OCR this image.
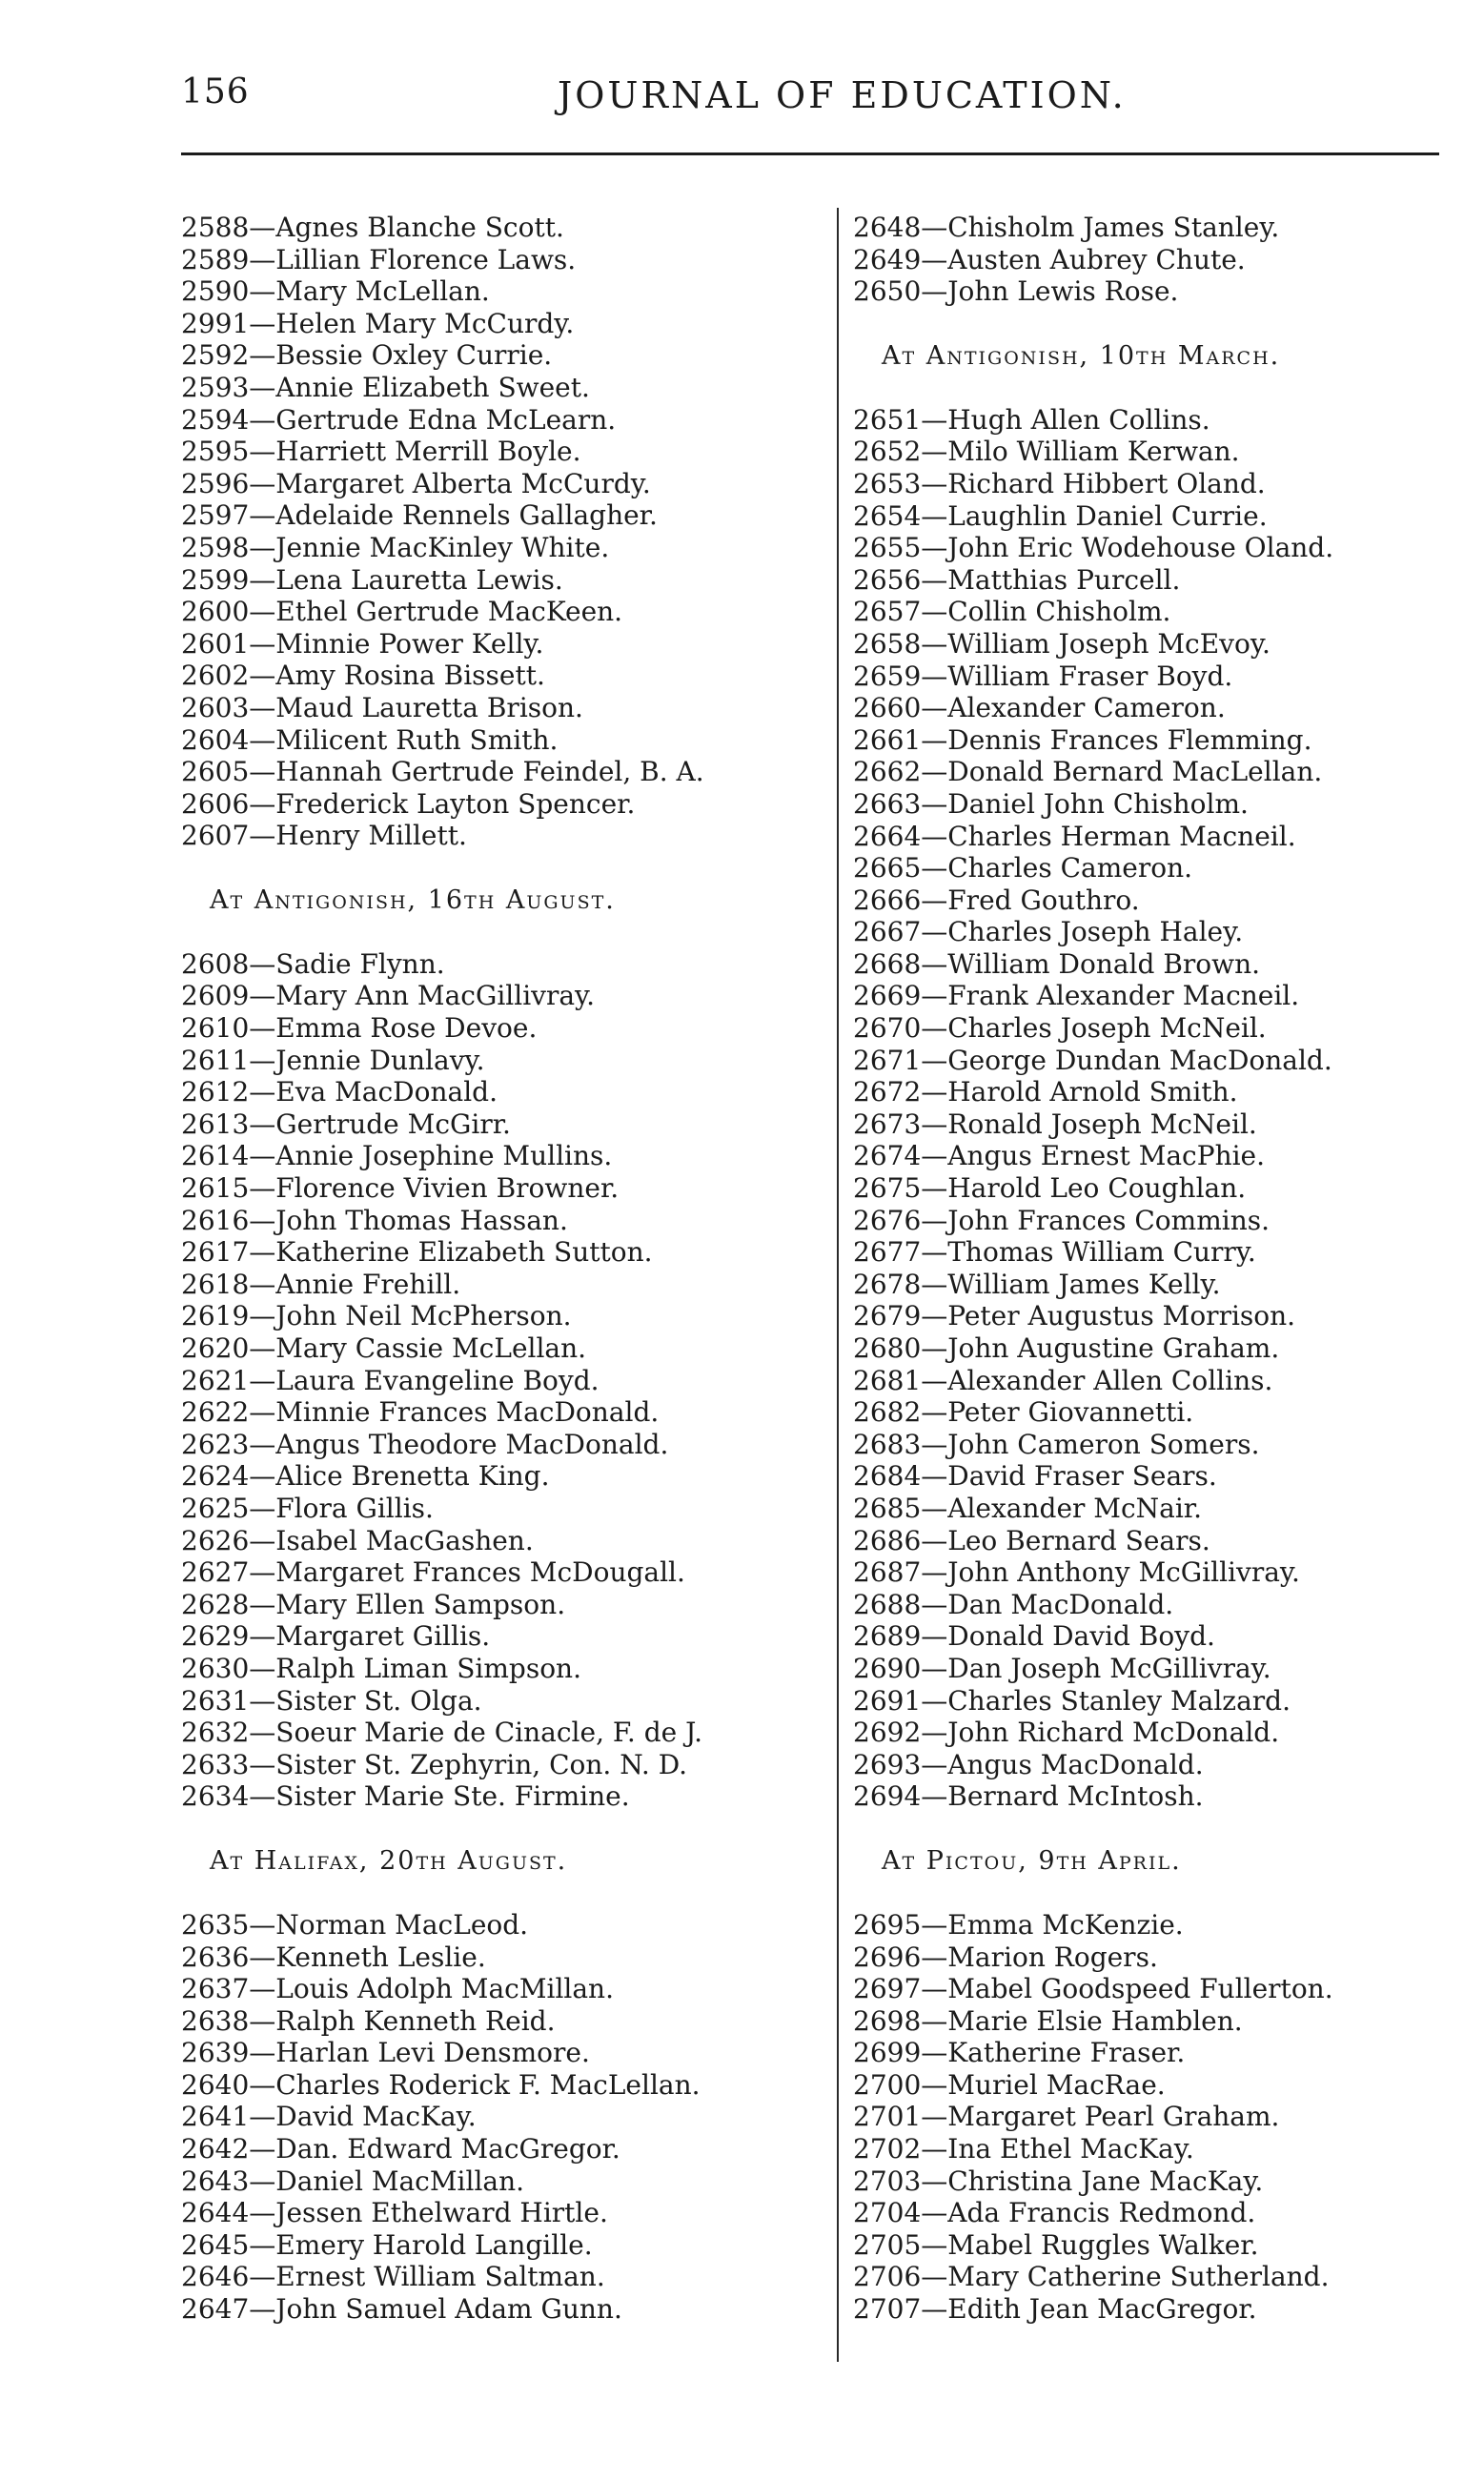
156	JOURNAL OF EDUCATION.
2588—Agnes Blanche Scott.
2589—Lillian Florence Laws.
2590—Mary McLellan.
2991—Helen Mary McCurdy.
2592—Bessie Oxley Currie.
2593—Annie Elizabeth Sweet.
2594—Gertrude Edna McLearn.
2595—Harriett Merrill Boyle.
2596—Margaret Alberta McCurdy.
2597—Adelaide Rennels Gallagher.
2598—Jennie MacKinley White.
2599—Lena Lauretta Lewis.
2600—Ethel Gertrude MacKeen.
2601—Minnie Power Kelly.
2602—Amy Rosina Bissett.
2603—Maud Lauretta Brison.
2604—Milicent Ruth Smith.
2605—Hannah Gertrude Feindel, B. A.
2606—Frederick Layton Spencer.
2607—Henry Millett.
At Antigonish, 16th August.
2608—Sadie Flynn.
2609—Mary Ann MacGillivray.
2610—Emma Rose Devoe.
2611—Jennie Dunlavy.
2612—Eva MacDonald.
2613—Gertrude McGirr.
2614—Annie Josephine Mullins.
2615—Florence Vivien Browner.
2616—John Thomas Hassan.
2617—Katherine Elizabeth Sutton.
2618—Annie Frehill.
2619—John Neil McPherson.
2620—Mary Cassie McLellan.
2621—Laura Evangeline Boyd.
2622—Minnie Frances MacDonald.
2623—Angus Theodore MacDonald.
2624—Alice Brenetta King.
2625—Flora Gillis.
2626—Isabel MacGashen.
2627—Margaret Frances McDougall.
2628—Mary Ellen Sampson.
2629—Margaret Gillis.
2630—Ralph Liman Simpson.
2631—Sister St. Olga.
2632—Soeur Marie de Cinacle, F. de J.
2633—Sister St. Zephyrin, Con. N. D.
2634—Sister Marie Ste. Firmine.
At Halifax, 20th August.
2635—Norman MacLeod.
2636—Kenneth Leslie.
2637—Louis Adolph MacMillan.
2638—Ralph Kenneth Reid.
2639—Harlan Levi Densmore.
2640—Charles Roderick F. MacLellan.
2641—David MacKay.
2642—Dan. Edward MacGregor.
2643—Daniel MacMillan.
2644—Jessen Ethelward Hirtle.
2645—Emery Harold Langille.
2646—Ernest William Saltman.
2647—John Samuel Adam Gunn.
2648—Chisholm James Stanley.
2649—Austen Aubrey Chute.
2650—John Lewis Rose.
At Antigonish, 10th March.
2651—Hugh Allen Collins.
2652—Milo William Kerwan.
2653—Richard Hibbert Oland.
2654—Laughlin Daniel Currie.
2655—John Eric Wodehouse Oland.
2656—Matthias Purcell.
2657—Collin Chisholm.
2658—William Joseph McEvoy.
2659—William Fraser Boyd.
2660—Alexander Cameron.
2661—Dennis Frances Flemming.
2662—Donald Bernard MacLellan.
2663—Daniel John Chisholm.
2664—Charles Herman Macneil.
2665—Charles Cameron.
2666—Fred Gouthro.
2667—Charles Joseph Haley.
2668—William Donald Brown.
2669—Frank Alexander Macneil.
2670—Charles Joseph McNeil.
2671—George Dundan MacDonald.
2672—Harold Arnold Smith.
2673—Ronald Joseph McNeil.
2674—Angus Ernest MacPhie.
2675—Harold Leo Coughlan.
2676—John Frances Commins.
2677—Thomas William Curry.
2678—William James Kelly.
2679—Peter Augustus Morrison.
2680—John Augustine Graham.
2681—Alexander Allen Collins.
2682—Peter Giovannetti.
2683—John Cameron Somers.
2684—David Fraser Sears.
2685—Alexander McNair.
2686—Leo Bernard Sears.
2687—John Anthony McGillivray.
2688—Dan MacDonald.
2689—Donald David Boyd.
2690—Dan Joseph McGillivray.
2691—Charles Stanley Malzard.
2692—John Richard McDonald.
2693—Angus MacDonald.
2694—Bernard McIntosh.
At Pictou, 9th April.
2695—Emma McKenzie.
2696—Marion Rogers.
2697—Mabel Goodspeed Fullerton.
2698—Marie Elsie Hamblen.
2699—Katherine Fraser.
2700—Muriel MacRae.
2701—Margaret Pearl Graham.
2702—Ina Ethel MacKay.
2703—Christina Jane MacKay.
2704—Ada Francis Redmond.
2705—Mabel Ruggles Walker.
2706—Mary Catherine Sutherland.
2707—Edith Jean MacGregor.
